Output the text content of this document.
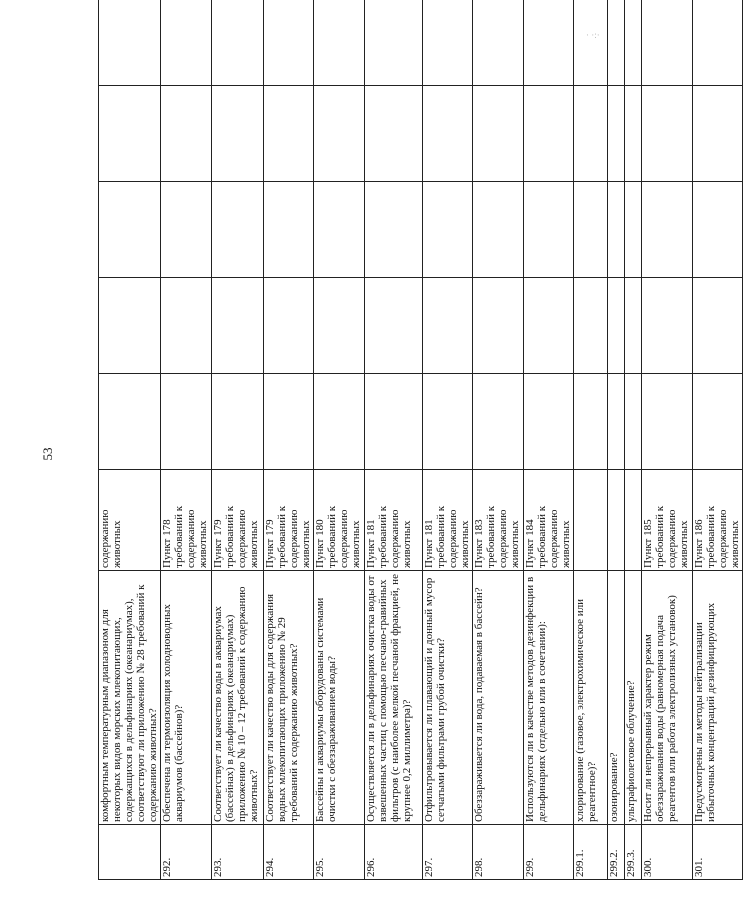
53
· ·:·
	комфортным температурным диапазоном для некоторых видов морских млекопитающих, содержащихся в дельфинариях (океанариумах), соответствуют ли приложению № 28 требований к содержанию животных?	содержанию животных					
292.	Обеспечена ли термоизоляция холодноводных аквариумов (бассейнов)?	Пункт 178 требований к содержанию животных					
293.	Соответствует ли качество воды в аквариумах (бассейнах) в дельфинариях (океанариумах) приложению № 10 – 12 требований к содержанию животных?	Пункт 179 требований к содержанию животных					
294.	Соответствует ли качество воды для содержания водных млекопитающих приложению № 29 требований к содержанию животных?	Пункт 179 требований к содержанию животных					
295.	Бассейны и аквариумы оборудованы системами очистки с обеззараживанием воды?	Пункт 180 требований к содержанию животных					
296.	Осуществляется ли в дельфинариях очистка воды от взвешенных частиц с помощью песчано-гравийных фильтров (с наиболее мелкой песчаной фракцией, не крупнее 0,2 миллиметра)?	Пункт 181 требований к содержанию животных					
297.	Отфильтровывается ли плавающий и донный мусор сетчатыми фильтрами грубой очистки?	Пункт 181 требований к содержанию животных					
298.	Обеззараживается ли вода, подаваемая в бассейн?	Пункт 183 требований к содержанию животных					
299.	Используются ли в качестве методов дезинфекции в дельфинариях (отдельно или в сочетании):	Пункт 184 требований к содержанию животных					
299.1.	хлорирование (газовое, электрохимическое или реагентное)?						
299.2.	озонирование?						
299.3.	ультрафиолетовое облучение?						
300.	Носит ли непрерывный характер режим обеззараживания воды (равномерная подача реагентов или работа электролизных установок)	Пункт 185 требований к содержанию животных					
301.	Предусмотрены ли методы нейтрализации избыточных концентраций дезинфицирующих	Пункт 186 требований к содержанию животных					
